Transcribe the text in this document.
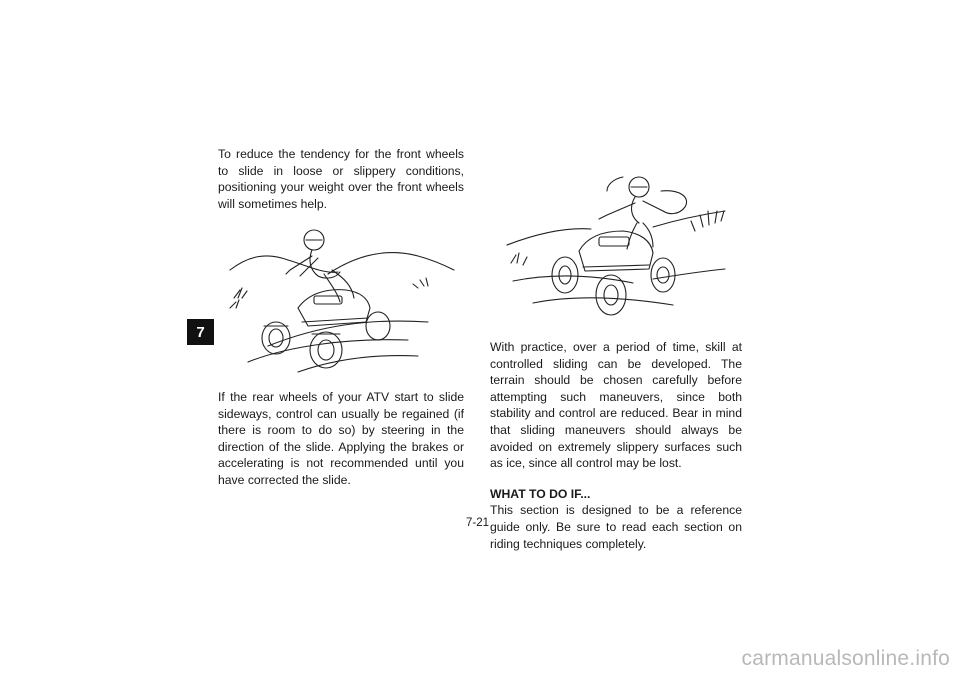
7

To reduce the tendency for the front wheels to slide in loose or slippery conditions, positioning your weight over the front wheels will sometimes help.

If the rear wheels of your ATV start to slide sideways, control can usually be regained (if there is room to do so) by steering in the direction of the slide. Applying the brakes or accelerating is not recommended until you have corrected the slide.

With practice, over a period of time, skill at controlled sliding can be developed. The terrain should be chosen carefully before attempting such maneuvers, since both stability and control are reduced. Bear in mind that sliding maneuvers should always be avoided on extremely slippery surfaces such as ice, since all control may be lost.

WHAT TO DO IF...

This section is designed to be a reference guide only. Be sure to read each section on riding techniques completely.

7-21
carmanualsonline.info
